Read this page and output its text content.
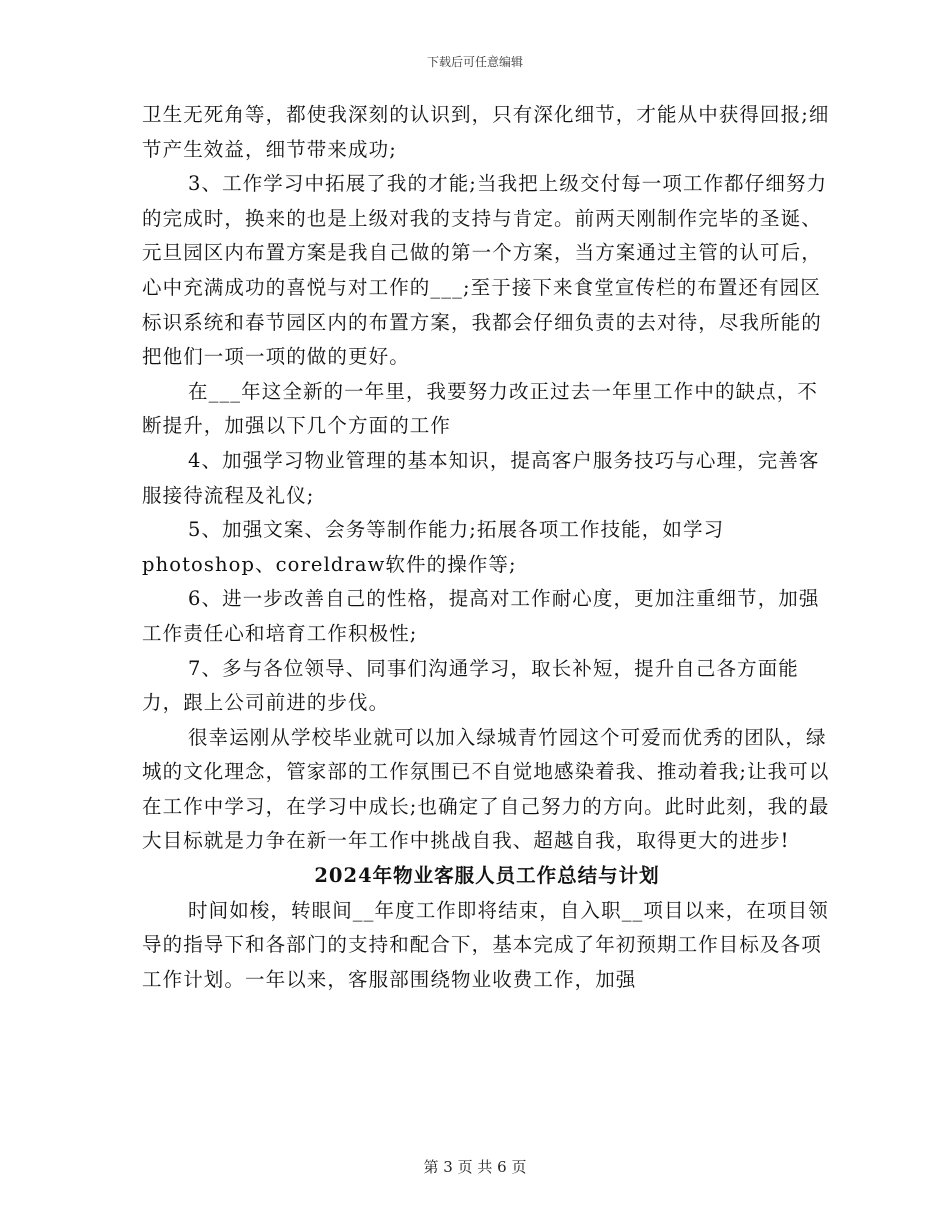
下载后可任意编辑

卫生无死角等，都使我深刻的认识到，只有深化细节，才能从中获得回报;细节产生效益，细节带来成功;

3、工作学习中拓展了我的才能;当我把上级交付每一项工作都仔细努力的完成时，换来的也是上级对我的支持与肯定。前两天刚制作完毕的圣诞、元旦园区内布置方案是我自己做的第一个方案，当方案通过主管的认可后，心中充满成功的喜悦与对工作的___;至于接下来食堂宣传栏的布置还有园区标识系统和春节园区内的布置方案，我都会仔细负责的去对待，尽我所能的把他们一项一项的做的更好。

在___年这全新的一年里，我要努力改正过去一年里工作中的缺点，不断提升，加强以下几个方面的工作

4、加强学习物业管理的基本知识，提高客户服务技巧与心理，完善客服接待流程及礼仪;

5、加强文案、会务等制作能力;拓展各项工作技能，如学习photoshop、coreldraw软件的操作等;

6、进一步改善自己的性格，提高对工作耐心度，更加注重细节，加强工作责任心和培育工作积极性;

7、多与各位领导、同事们沟通学习，取长补短，提升自己各方面能力，跟上公司前进的步伐。

很幸运刚从学校毕业就可以加入绿城青竹园这个可爱而优秀的团队，绿城的文化理念，管家部的工作氛围已不自觉地感染着我、推动着我;让我可以在工作中学习，在学习中成长;也确定了自己努力的方向。此时此刻，我的最大目标就是力争在新一年工作中挑战自我、超越自我，取得更大的进步!

2024年物业客服人员工作总结与计划

时间如梭，转眼间__年度工作即将结束，自入职__项目以来，在项目领导的指导下和各部门的支持和配合下，基本完成了年初预期工作目标及各项工作计划。一年以来，客服部围绕物业收费工作，加强

第 3 页 共 6 页
